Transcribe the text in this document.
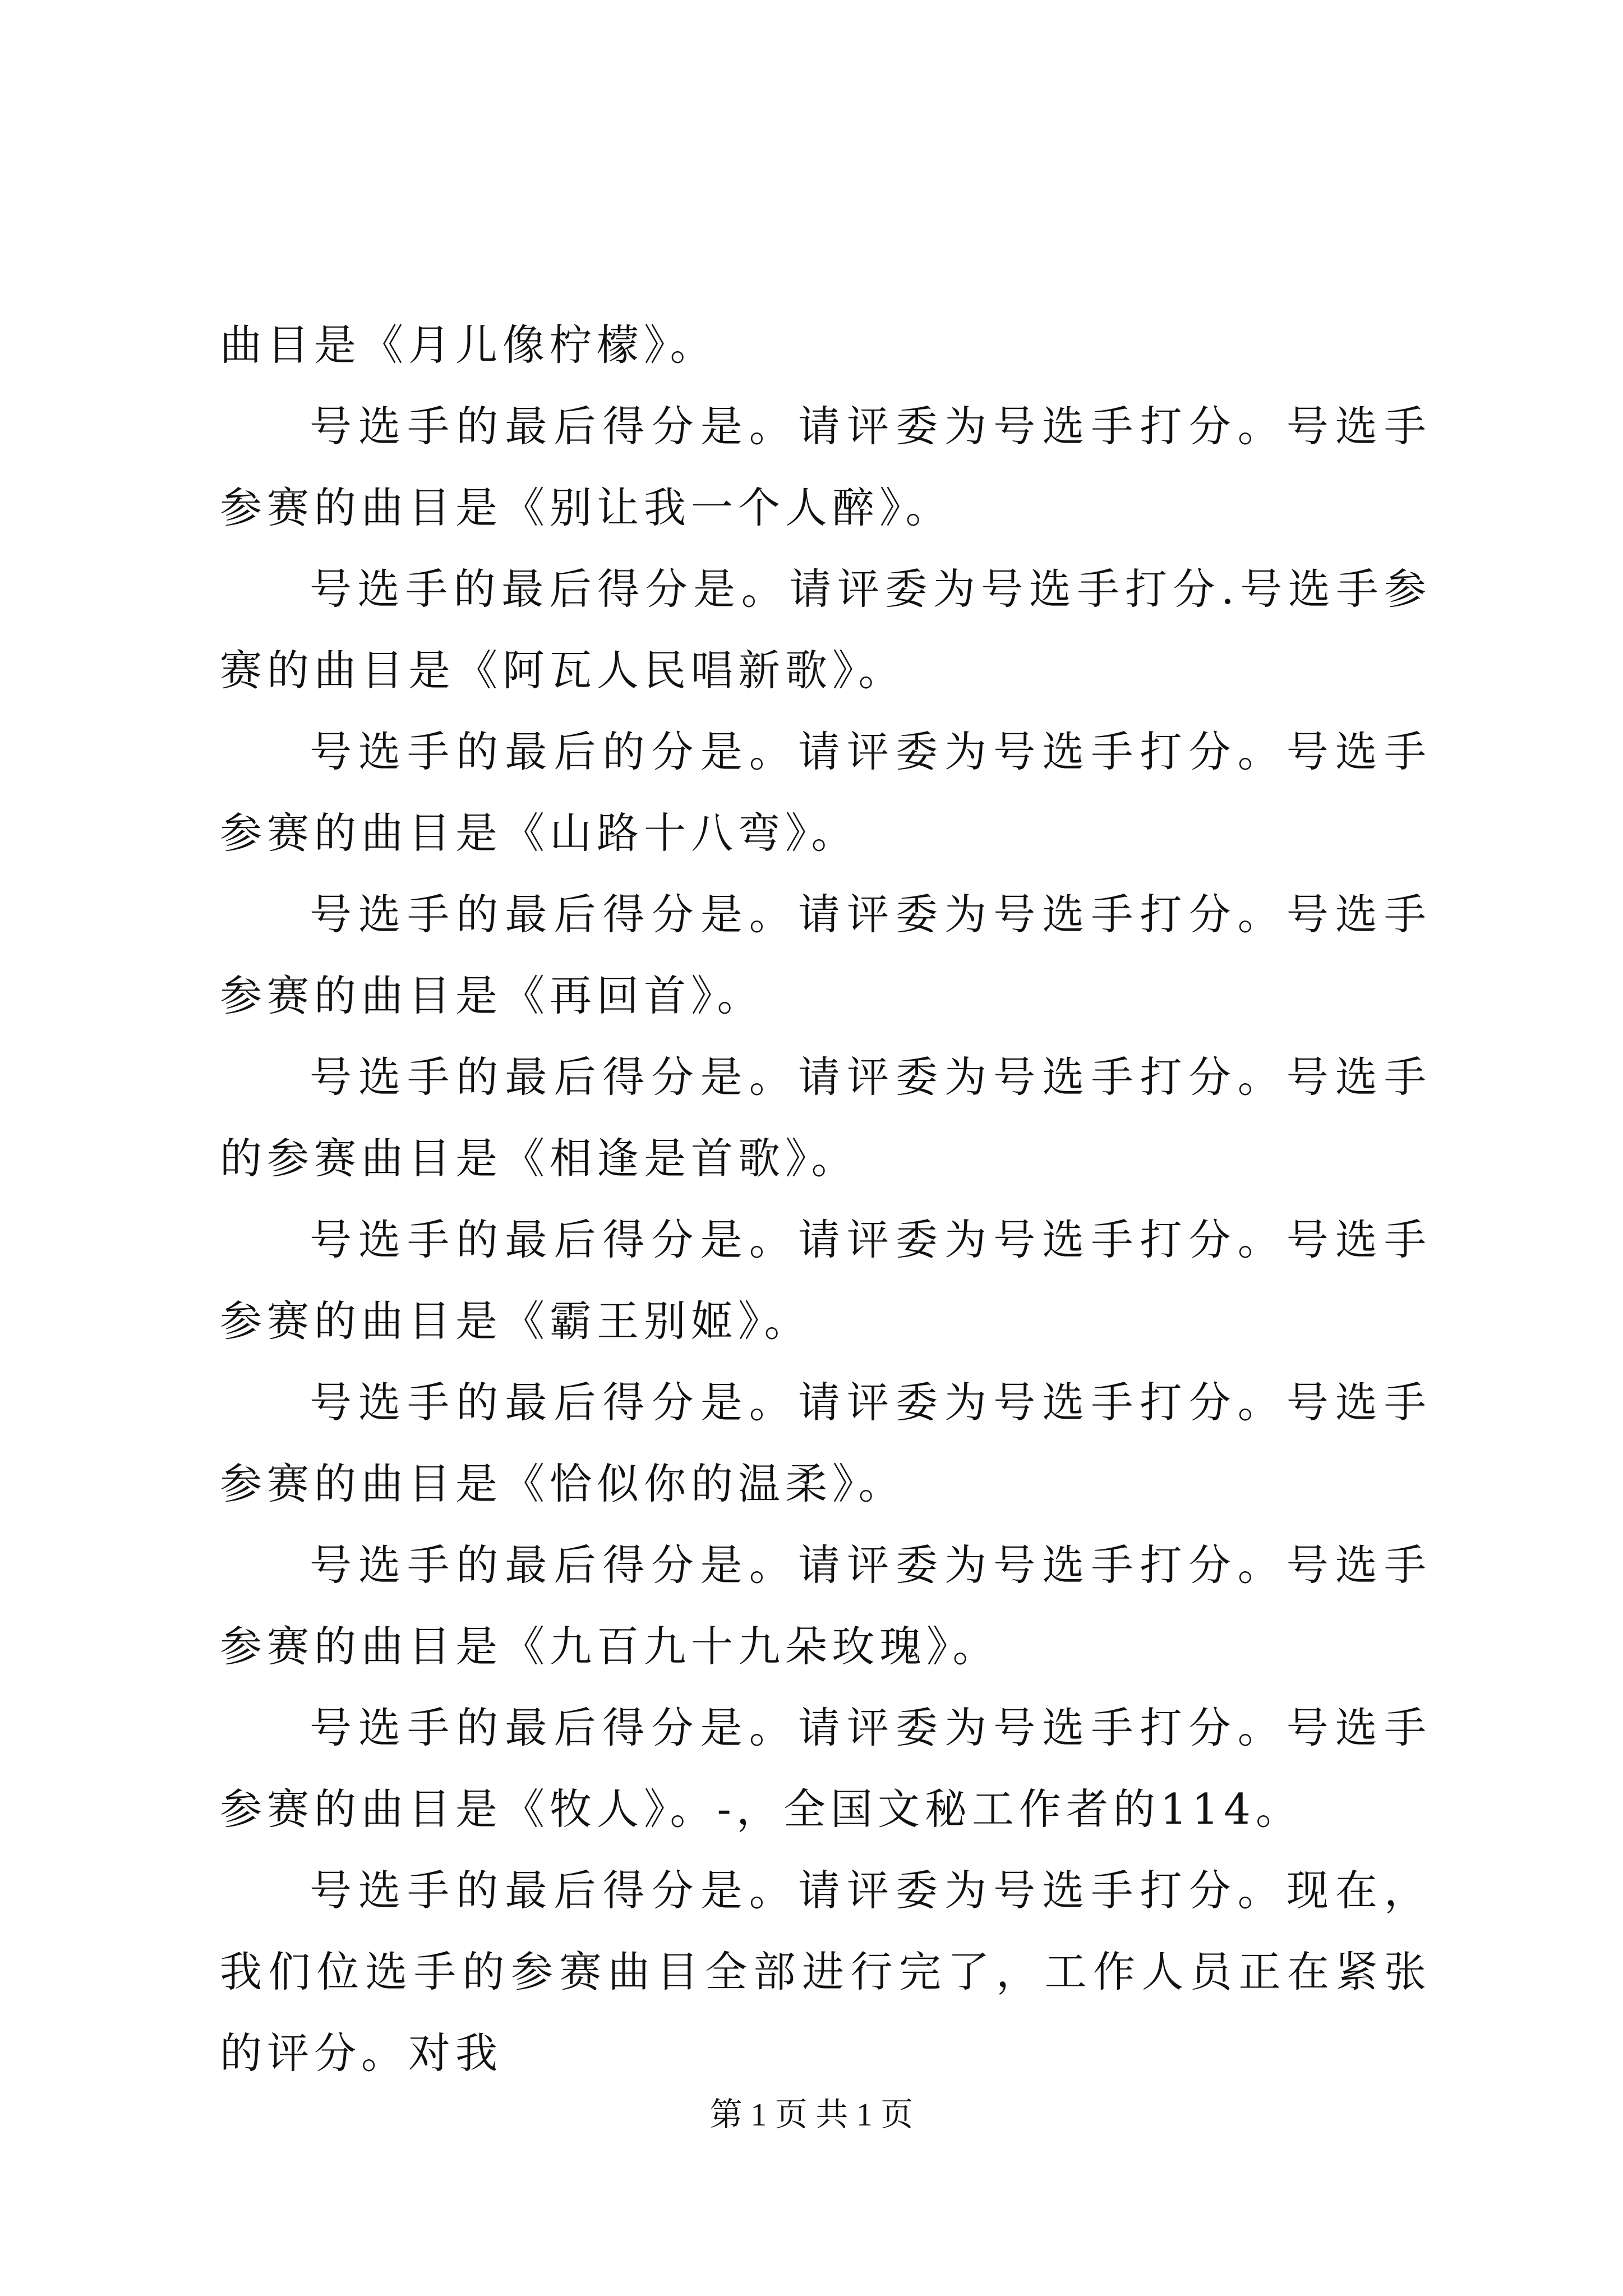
曲目是《月儿像柠檬》。

号选手的最后得分是。请评委为号选手打分。号选手参赛的曲目是《别让我一个人醉》。

号选手的最后得分是。请评委为号选手打分.号选手参赛的曲目是《阿瓦人民唱新歌》。

号选手的最后的分是。请评委为号选手打分。号选手参赛的曲目是《山路十八弯》。

号选手的最后得分是。请评委为号选手打分。号选手参赛的曲目是《再回首》。

号选手的最后得分是。请评委为号选手打分。号选手的参赛曲目是《相逢是首歌》。

号选手的最后得分是。请评委为号选手打分。号选手参赛的曲目是《霸王别姬》。

号选手的最后得分是。请评委为号选手打分。号选手参赛的曲目是《恰似你的温柔》。

号选手的最后得分是。请评委为号选手打分。号选手参赛的曲目是《九百九十九朵玫瑰》。

号选手的最后得分是。请评委为号选手打分。号选手参赛的曲目是《牧人》。-，全国文秘工作者的114。

号选手的最后得分是。请评委为号选手打分。现在，我们位选手的参赛曲目全部进行完了，工作人员正在紧张的评分。对我

第 1 页 共 1 页
